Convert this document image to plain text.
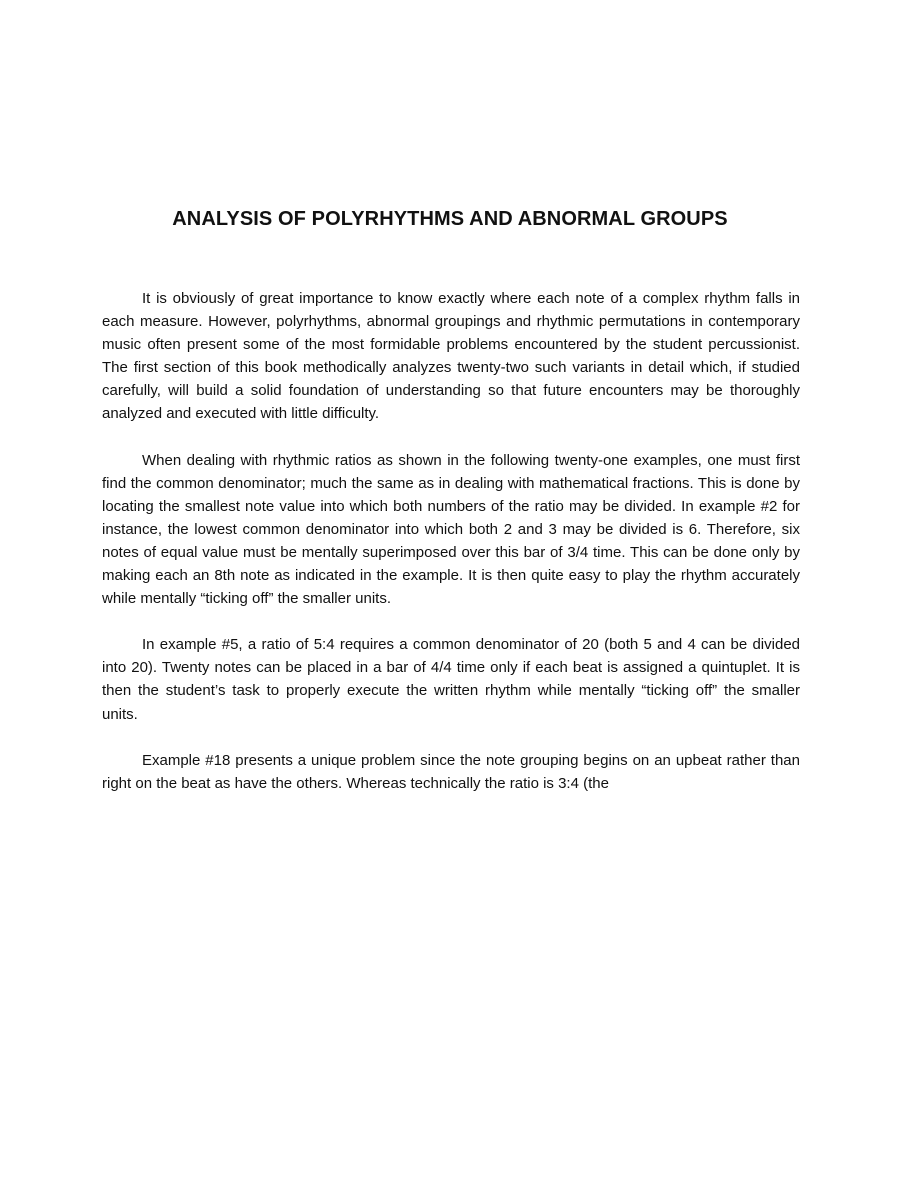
ANALYSIS OF POLYRHYTHMS AND ABNORMAL GROUPS

It is obviously of great importance to know exactly where each note of a complex rhythm falls in each measure. However, polyrhythms, abnormal groupings and rhythmic permutations in contemporary music often present some of the most formidable problems encountered by the student percussionist. The first section of this book methodically analyzes twenty-two such variants in detail which, if studied carefully, will build a solid foundation of understanding so that future encounters may be thoroughly analyzed and executed with little difficulty.

When dealing with rhythmic ratios as shown in the following twenty-one examples, one must first find the common denominator; much the same as in dealing with mathematical fractions. This is done by locating the smallest note value into which both numbers of the ratio may be divided. In example #2 for instance, the lowest common denominator into which both 2 and 3 may be divided is 6. Therefore, six notes of equal value must be mentally superimposed over this bar of 3/4 time. This can be done only by making each an 8th note as indicated in the example. It is then quite easy to play the rhythm accurately while mentally “ticking off” the smaller units.

In example #5, a ratio of 5:4 requires a common denominator of 20 (both 5 and 4 can be divided into 20). Twenty notes can be placed in a bar of 4/4 time only if each beat is assigned a quintuplet. It is then the student’s task to properly execute the written rhythm while mentally “ticking off” the smaller units.

Example #18 presents a unique problem since the note grouping begins on an upbeat rather than right on the beat as have the others. Whereas technically the ratio is 3:4 (the
